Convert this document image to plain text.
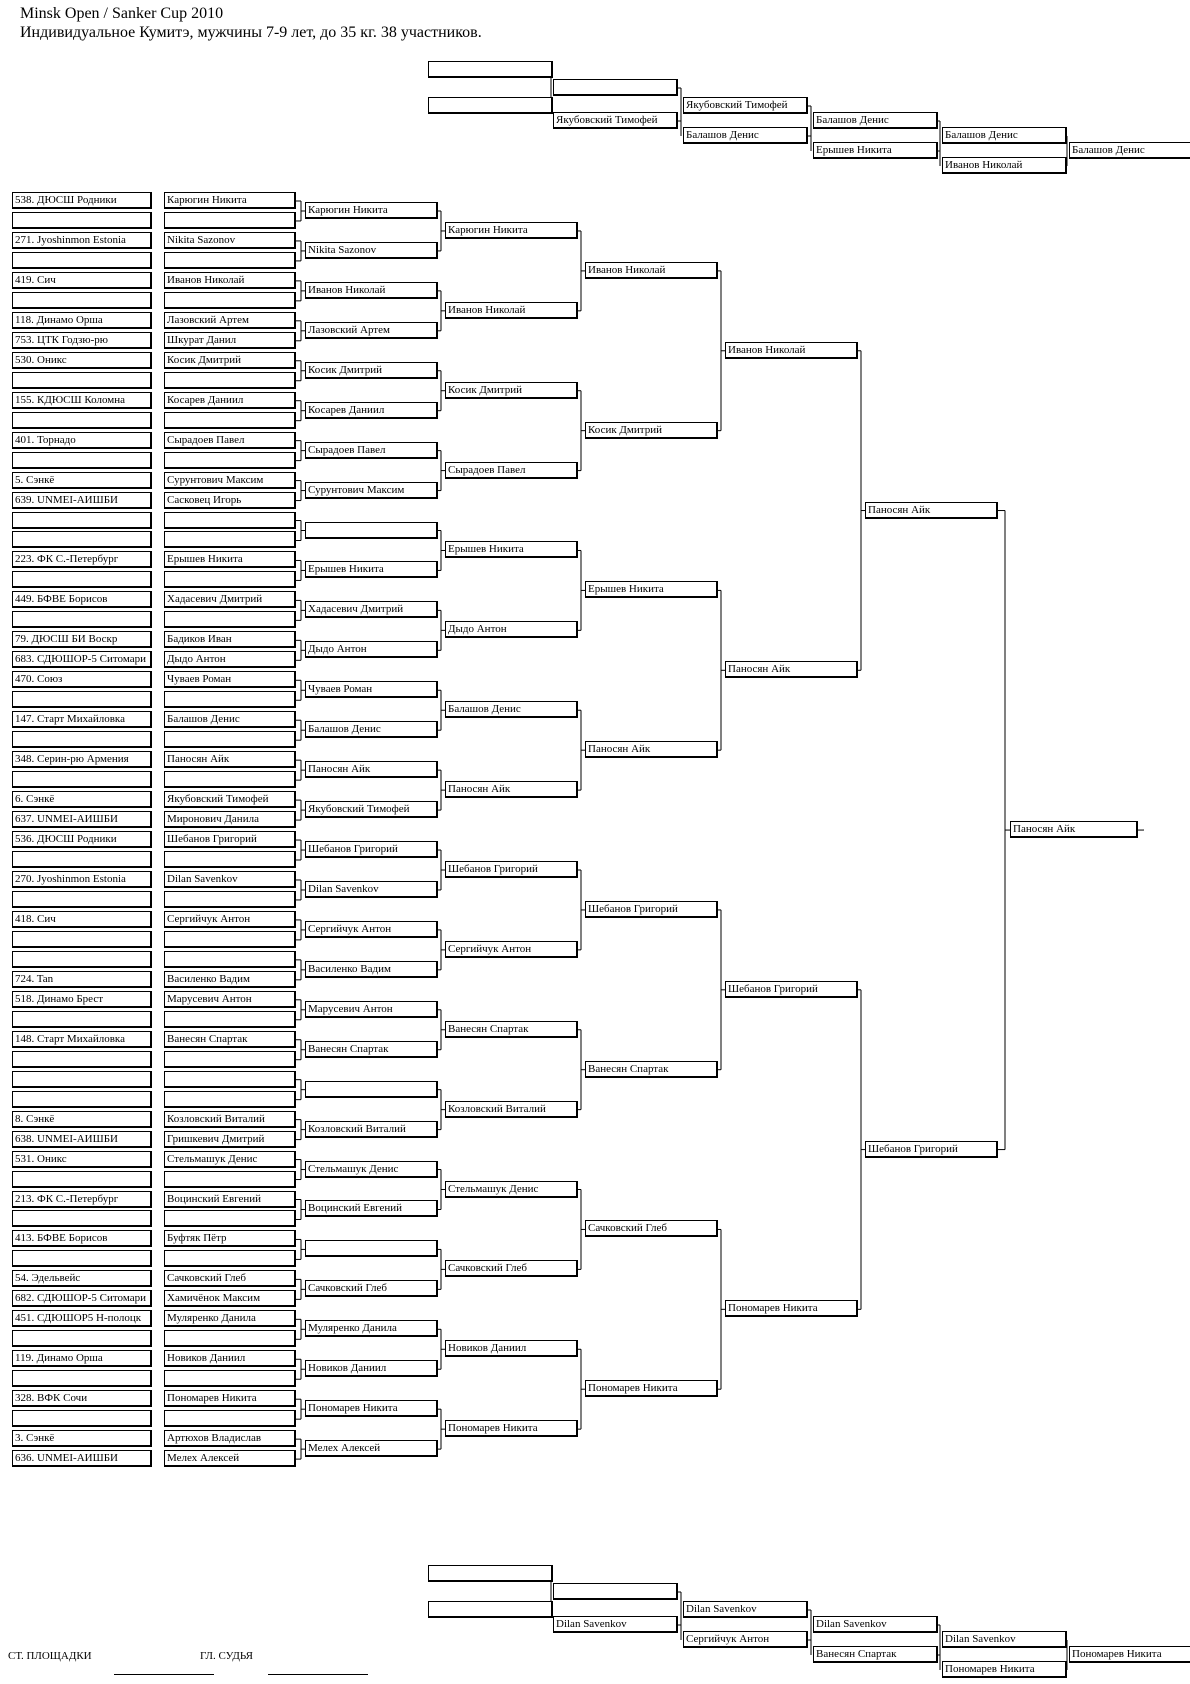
Minsk Open / Sanker Cup 2010
Индивидуальное Кумитэ, мужчины 7-9 лет, до 35 кг. 38 участников.
538. ДЮСШ Родники	Карюгин Никита
271. Jyoshinmon Estonia	Nikita Sazonov
419. Сич	Иванов Николай
118. Динамо Орша	Лазовский Артем
753. ЦТК Годзю-рю	Шкурат Данил
530. Оникс	Косик Дмитрий
155. КДЮСШ Коломна	Косарев Даниил
401. Торнадо	Сырадоев Павел
5. Сэнкё	Сурунтович Максим
639. UNMEI-АИШБИ	Сасковец Игорь
223. ФК С.-Петербург	Ерышев Никита
449. БФВЕ Борисов	Хадасевич Дмитрий
79. ДЮСШ БИ Воскр	Бадиков Иван
683. СДЮШОР-5 Ситомари	Дыдо Антон
470. Союз	Чуваев Роман
147. Старт Михайловка	Балашов Денис
348. Серин-рю Армения	Паносян Айк
6. Сэнкё	Якубовский Тимофей
637. UNMEI-АИШБИ	Миронович Данила
536. ДЮСШ Родники	Шебанов Григорий
270. Jyoshinmon Estonia	Dilan Savenkov
418. Сич	Сергийчук Антон
724. Tan	Василенко Вадим
518. Динамо Брест	Марусевич Антон
148. Старт Михайловка	Ванесян Спартак
8. Сэнкё	Козловский Виталий
638. UNMEI-АИШБИ	Гришкевич Дмитрий
531. Оникс	Стельмашук Денис
213. ФК С.-Петербург	Воцинский Евгений
413. БФВЕ Борисов	Буфтяк Пётр
54. Эдельвейс	Сачковский Глеб
682. СДЮШОР-5 Ситомари	Хамичёнок Максим
451. СДЮШОР5 Н-полоцк	Муляренко Данила
119. Динамо Орша	Новиков Даниил
328. ВФК Сочи	Пономарев Никита
3. Сэнкё	Артюхов Владислав
636. UNMEI-АИШБИ	Мелех Алексей
Карюгин Никита
Nikita Sazonov
Иванов Николай
Лазовский Артем
Косик Дмитрий
Косарев Даниил
Сырадоев Павел
Сурунтович Максим
Ерышев Никита
Хадасевич Дмитрий
Дыдо Антон
Чуваев Роман
Балашов Денис
Паносян Айк
Якубовский Тимофей
Шебанов Григорий
Dilan Savenkov
Сергийчук Антон
Василенко Вадим
Марусевич Антон
Ванесян Спартак
Козловский Виталий
Стельмашук Денис
Воцинский Евгений
Сачковский Глеб
Муляренко Данила
Новиков Даниил
Пономарев Никита
Мелех Алексей
Карюгин Никита
Иванов Николай
Косик Дмитрий
Сырадоев Павел
Ерышев Никита
Дыдо Антон
Балашов Денис
Паносян Айк
Шебанов Григорий
Сергийчук Антон
Ванесян Спартак
Козловский Виталий
Стельмашук Денис
Сачковский Глеб
Новиков Даниил
Пономарев Никита
Иванов Николай
Косик Дмитрий
Ерышев Никита
Паносян Айк
Шебанов Григорий
Ванесян Спартак
Сачковский Глеб
Пономарев Никита
Иванов Николай
Паносян Айк
Шебанов Григорий
Пономарев Никита
Паносян Айк
Шебанов Григорий
Паносян Айк
Якубовский Тимофей
Якубовский Тимофей
Балашов Денис
Балашов Денис
Ерышев Никита
Балашов Денис
Иванов Николай
Балашов Денис
Dilan Savenkov
Dilan Savenkov
Сергийчук Антон
Dilan Savenkov
Ванесян Спартак
Dilan Savenkov
Пономарев Никита
Пономарев Никита
СТ. ПЛОЩАДКИ	ГЛ. СУДЬЯ
